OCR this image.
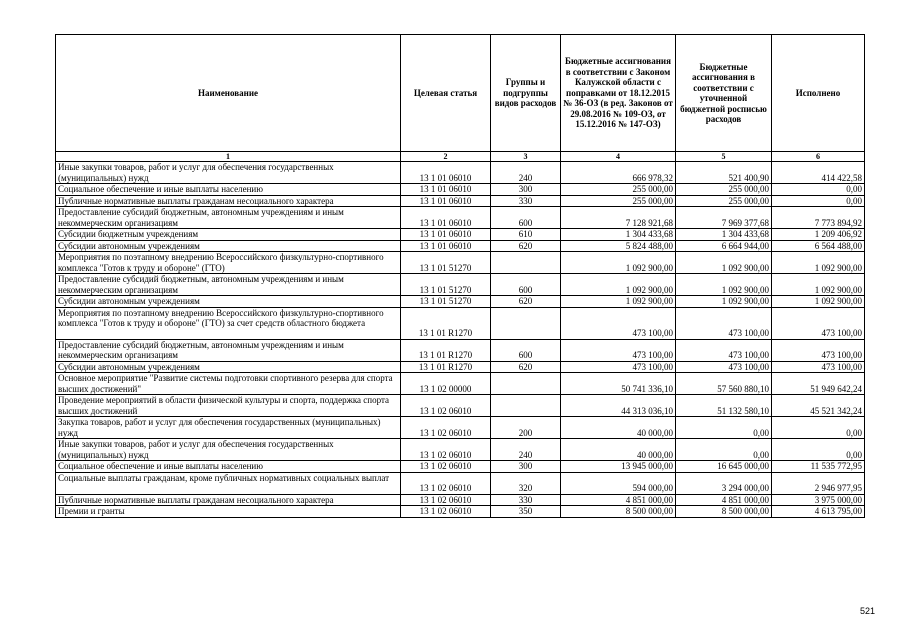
Наименование	Целевая статья	Группы и подгруппы видов расходов	Бюджетные ассигнования в соответствии с Законом Калужской области с поправками от 18.12.2015 № 36-ОЗ (в ред. Законов от 29.08.2016 № 109-ОЗ, от 15.12.2016 № 147-ОЗ)	Бюджетные ассигнования в соответствии с уточненной бюджетной росписью расходов	Исполнено
1	2	3	4	5	6
Иные закупки товаров, работ и услуг для обеспечения государственных (муниципальных) нужд	13 1 01 06010	240	666 978,32	521 400,90	414 422,58
Социальное обеспечение и иные выплаты населению	13 1 01 06010	300	255 000,00	255 000,00	0,00
Публичные нормативные выплаты гражданам несоциального характера	13 1 01 06010	330	255 000,00	255 000,00	0,00
Предоставление субсидий бюджетным, автономным учреждениям и иным некоммерческим организациям	13 1 01 06010	600	7 128 921,68	7 969 377,68	7 773 894,92
Субсидии бюджетным учреждениям	13 1 01 06010	610	1 304 433,68	1 304 433,68	1 209 406,92
Субсидии автономным учреждениям	13 1 01 06010	620	5 824 488,00	6 664 944,00	6 564 488,00
Мероприятия по поэтапному внедрению Всероссийского физкультурно-спортивного комплекса "Готов к труду и обороне" (ГТО)	13 1 01 51270		1 092 900,00	1 092 900,00	1 092 900,00
Предоставление субсидий бюджетным, автономным учреждениям и иным некоммерческим организациям	13 1 01 51270	600	1 092 900,00	1 092 900,00	1 092 900,00
Субсидии автономным учреждениям	13 1 01 51270	620	1 092 900,00	1 092 900,00	1 092 900,00
Мероприятия по поэтапному внедрению Всероссийского физкультурно-спортивного комплекса "Готов к труду и обороне" (ГТО) за счет средств областного бюджета	13 1 01 R1270		473 100,00	473 100,00	473 100,00
Предоставление субсидий бюджетным, автономным учреждениям и иным некоммерческим организациям	13 1 01 R1270	600	473 100,00	473 100,00	473 100,00
Субсидии автономным учреждениям	13 1 01 R1270	620	473 100,00	473 100,00	473 100,00
Основное мероприятие "Развитие системы подготовки спортивного резерва для спорта высших достижений"	13 1 02 00000		50 741 336,10	57 560 880,10	51 949 642,24
Проведение мероприятий в области физической культуры и спорта, поддержка спорта высших достижений	13 1 02 06010		44 313 036,10	51 132 580,10	45 521 342,24
Закупка товаров, работ и услуг для обеспечения государственных (муниципальных) нужд	13 1 02 06010	200	40 000,00	0,00	0,00
Иные закупки товаров, работ и услуг для обеспечения государственных (муниципальных) нужд	13 1 02 06010	240	40 000,00	0,00	0,00
Социальное обеспечение и иные выплаты населению	13 1 02 06010	300	13 945 000,00	16 645 000,00	11 535 772,95
Социальные выплаты гражданам, кроме публичных нормативных социальных выплат	13 1 02 06010	320	594 000,00	3 294 000,00	2 946 977,95
Публичные нормативные выплаты гражданам несоциального характера	13 1 02 06010	330	4 851 000,00	4 851 000,00	3 975 000,00
Премии и гранты	13 1 02 06010	350	8 500 000,00	8 500 000,00	4 613 795,00
521
